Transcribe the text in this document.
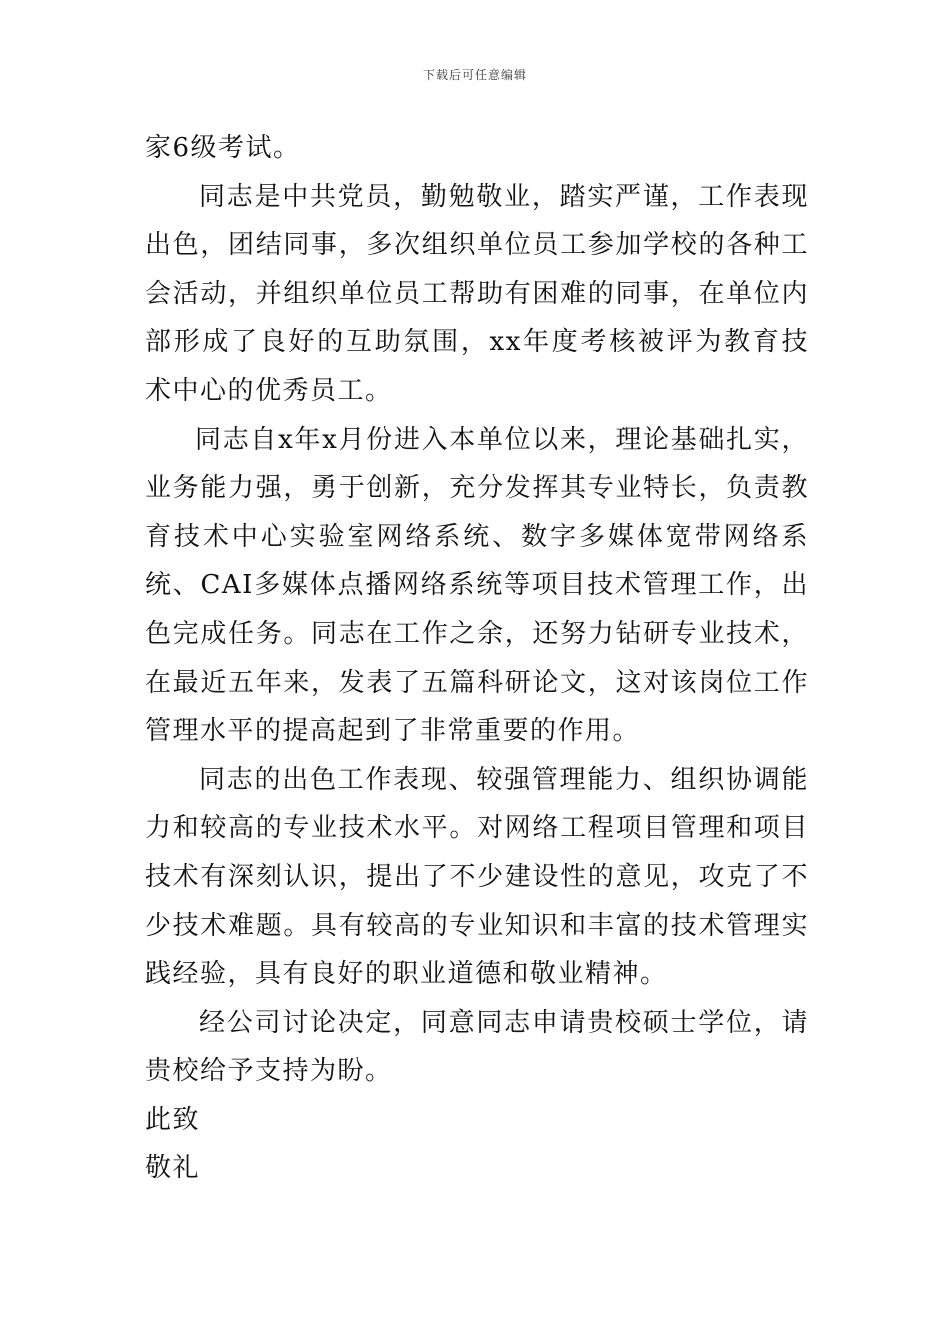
下载后可任意编辑

家6级考试。

同志是中共党员，勤勉敬业，踏实严谨，工作表现出色，团结同事，多次组织单位员工参加学校的各种工会活动，并组织单位员工帮助有困难的同事，在单位内部形成了良好的互助氛围，xx年度考核被评为教育技术中心的优秀员工。

同志自x年x月份进入本单位以来，理论基础扎实，业务能力强，勇于创新，充分发挥其专业特长，负责教育技术中心实验室网络系统、数字多媒体宽带网络系统、CAI多媒体点播网络系统等项目技术管理工作，出色完成任务。同志在工作之余，还努力钻研专业技术，在最近五年来，发表了五篇科研论文，这对该岗位工作管理水平的提高起到了非常重要的作用。

同志的出色工作表现、较强管理能力、组织协调能力和较高的专业技术水平。对网络工程项目管理和项目技术有深刻认识，提出了不少建设性的意见，攻克了不少技术难题。具有较高的专业知识和丰富的技术管理实践经验，具有良好的职业道德和敬业精神。

经公司讨论决定，同意同志申请贵校硕士学位，请贵校给予支持为盼。

此致

敬礼
